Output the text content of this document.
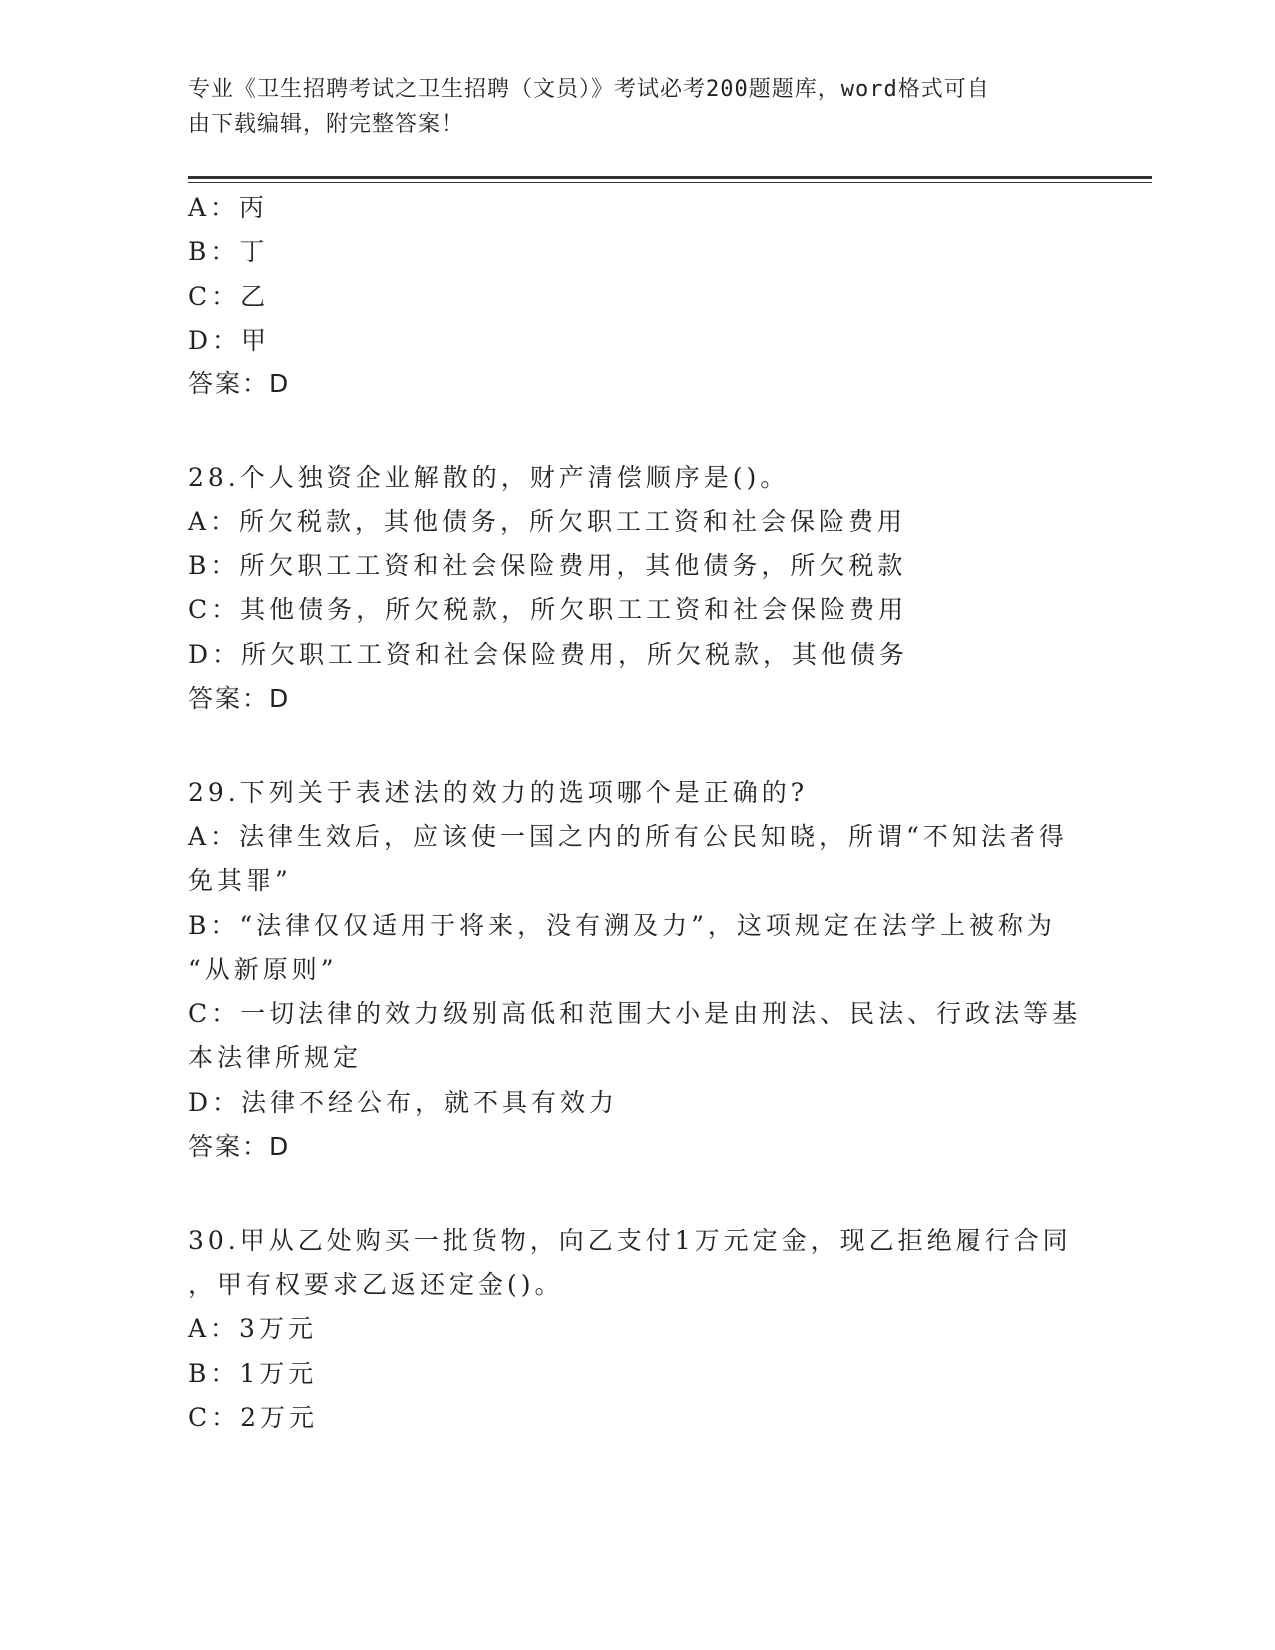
专业《卫生招聘考试之卫生招聘（文员）》考试必考200题题库，word格式可自
由下载编辑，附完整答案！
A：丙
B：丁
C：乙
D：甲
答案：D
28.个人独资企业解散的，财产清偿顺序是()。
A：所欠税款，其他债务，所欠职工工资和社会保险费用
B：所欠职工工资和社会保险费用，其他债务，所欠税款
C：其他债务，所欠税款，所欠职工工资和社会保险费用
D：所欠职工工资和社会保险费用，所欠税款，其他债务
答案：D
29.下列关于表述法的效力的选项哪个是正确的?
A：法律生效后，应该使一国之内的所有公民知晓，所谓“不知法者得
免其罪”
B：“法律仅仅适用于将来，没有溯及力”，这项规定在法学上被称为
“从新原则”
C：一切法律的效力级别高低和范围大小是由刑法、民法、行政法等基
本法律所规定
D：法律不经公布，就不具有效力
答案：D
30.甲从乙处购买一批货物，向乙支付1万元定金，现乙拒绝履行合同
，甲有权要求乙返还定金()。
A：3万元
B：1万元
C：2万元
